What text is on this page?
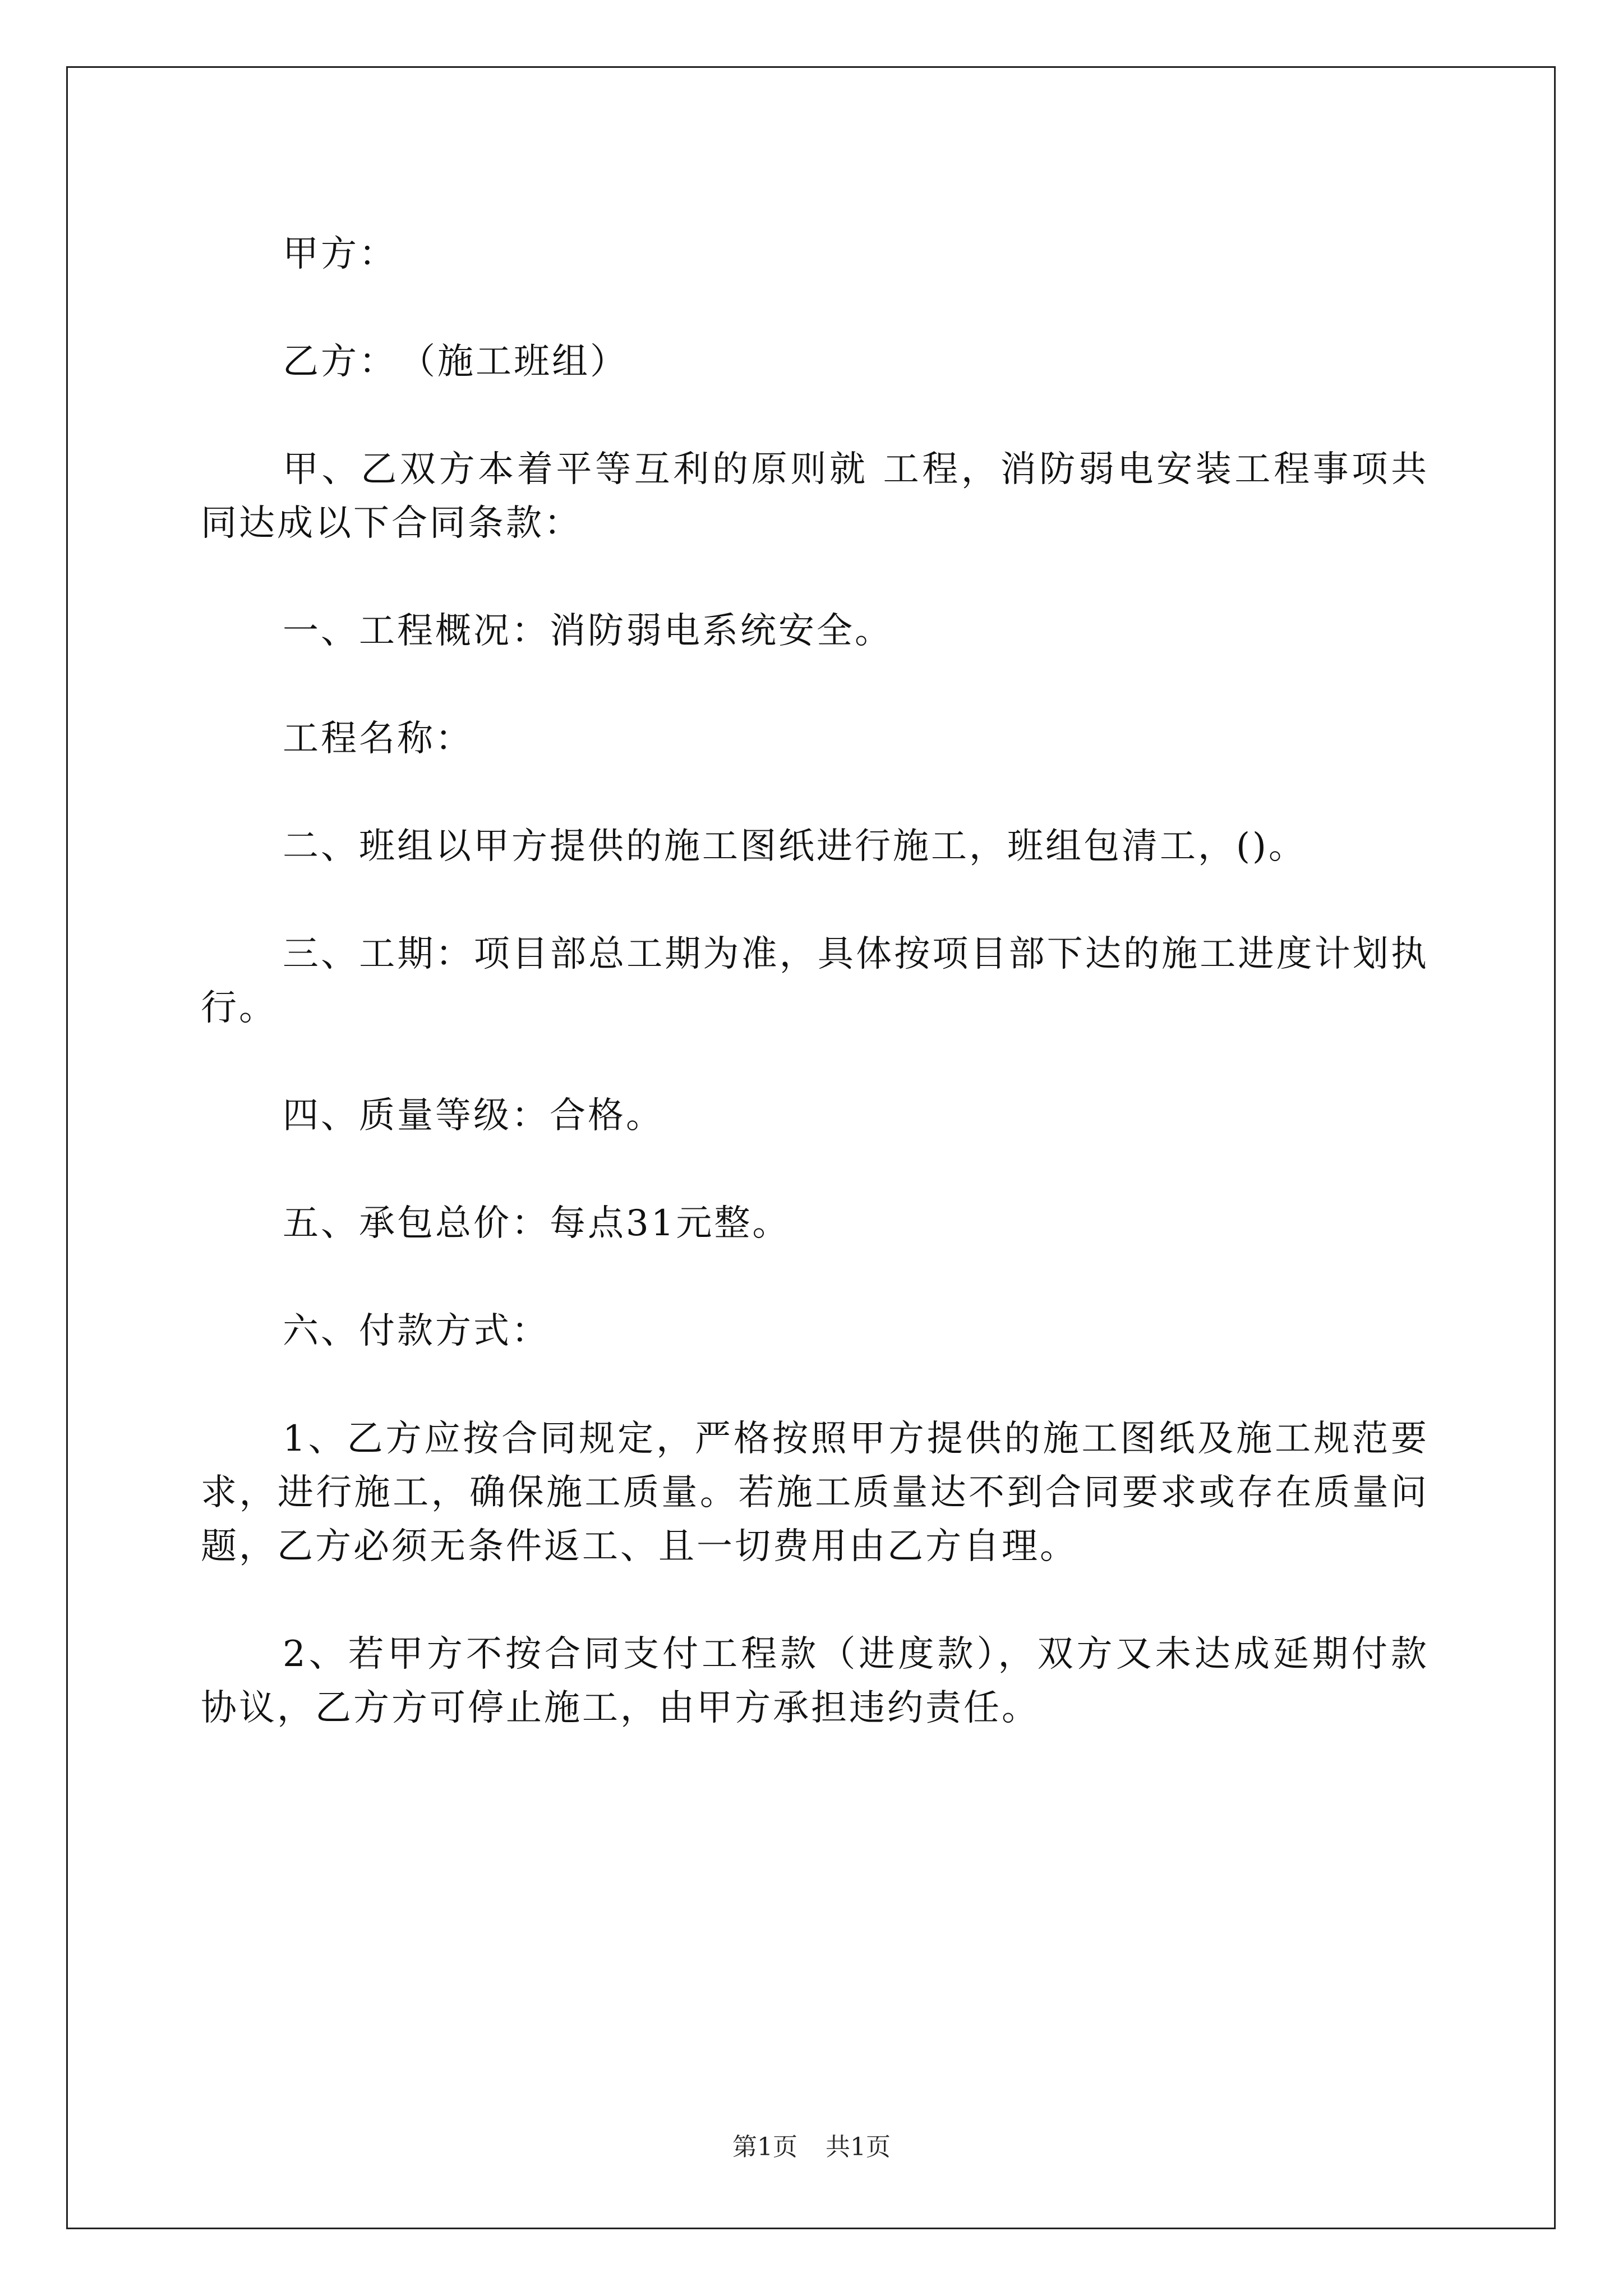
甲方：

乙方：　（施工班组）

甲、乙双方本着平等互利的原则就 工程，消防弱电安装工程事项共同达成以下合同条款：

一、工程概况：消防弱电系统安全。

工程名称：

二、班组以甲方提供的施工图纸进行施工，班组包清工，()。

三、工期：项目部总工期为准，具体按项目部下达的施工进度计划执行。

四、质量等级：合格。

五、承包总价：每点31元整。

六、付款方式：

1、乙方应按合同规定，严格按照甲方提供的施工图纸及施工规范要求，进行施工，确保施工质量。若施工质量达不到合同要求或存在质量问题，乙方必须无条件返工、且一切费用由乙方自理。

2、若甲方不按合同支付工程款（进度款），双方又未达成延期付款协议，乙方方可停止施工，由甲方承担违约责任。

第1页 共1页
